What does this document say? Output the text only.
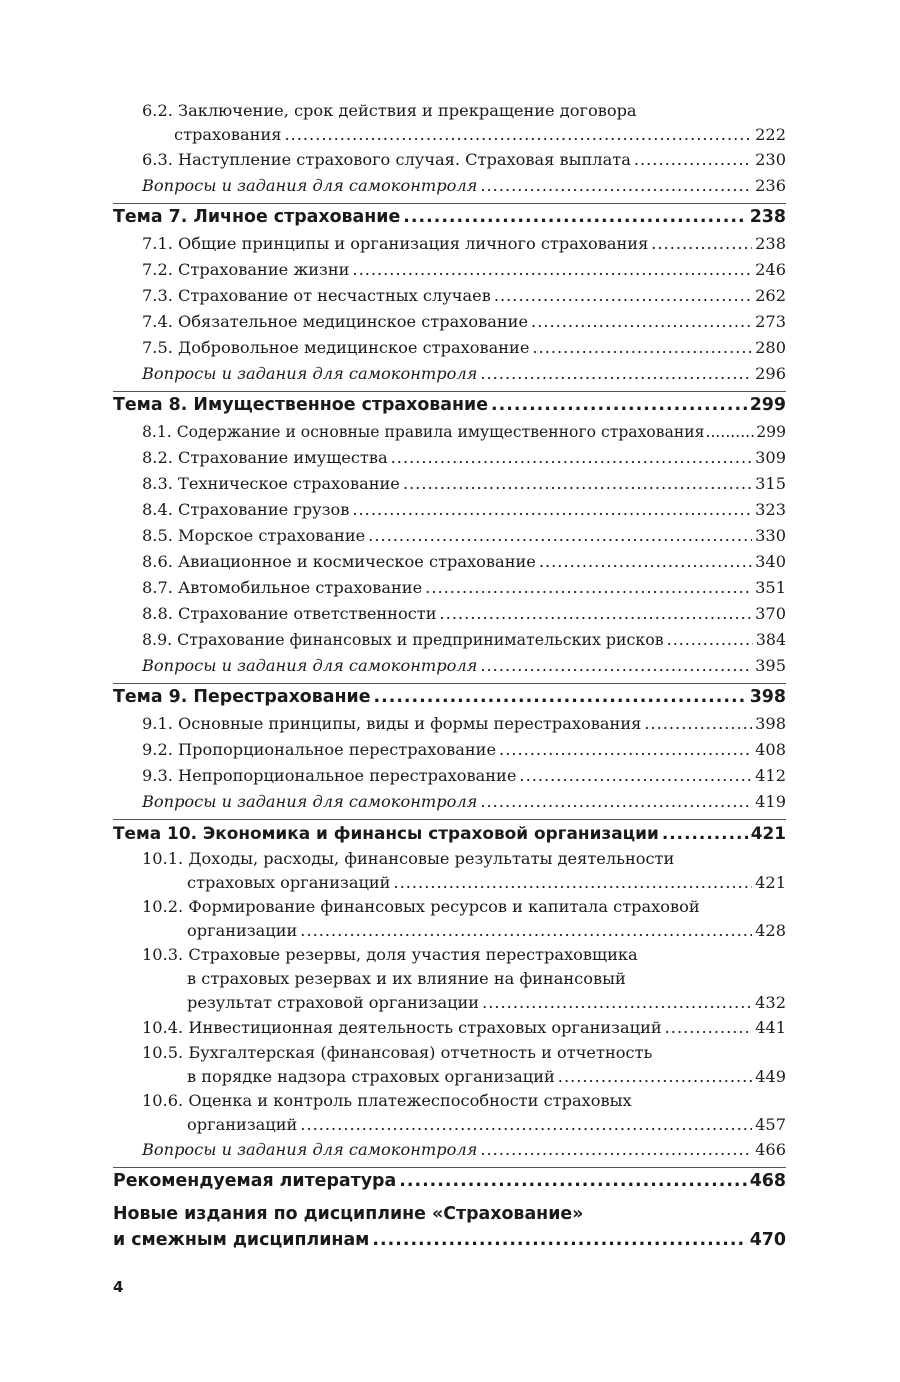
6.2. Заключение, срок действия и прекращение договора
страхования .....	222
6.3. Наступление страхового случая. Страховая выплата .....	230
Вопросы и задания для самоконтроля .....	236
Тема 7. Личное страхование .....	238
7.1. Общие принципы и организация личного страхования .....	238
7.2. Страхование жизни .....	246
7.3. Страхование от несчастных случаев .....	262
7.4. Обязательное медицинское страхование .....	273
7.5. Добровольное медицинское страхование .....	280
Вопросы и задания для самоконтроля .....	296
Тема 8. Имущественное страхование .....	299
8.1. Содержание и основные правила имущественного страхования .....	299
8.2. Страхование имущества .....	309
8.3. Техническое страхование .....	315
8.4. Страхование грузов .....	323
8.5. Морское страхование .....	330
8.6. Авиационное и космическое страхование .....	340
8.7. Автомобильное страхование .....	351
8.8. Страхование ответственности .....	370
8.9. Страхование финансовых и предпринимательских рисков .....	384
Вопросы и задания для самоконтроля .....	395
Тема 9. Перестрахование .....	398
9.1. Основные принципы, виды и формы перестрахования .....	398
9.2. Пропорциональное перестрахование .....	408
9.3. Непропорциональное перестрахование .....	412
Вопросы и задания для самоконтроля .....	419
Тема 10. Экономика и финансы страховой организации .....	421
10.1. Доходы, расходы, финансовые результаты деятельности
страховых организаций .....	421
10.2. Формирование финансовых ресурсов и капитала страховой
организации .....	428
10.3. Страховые резервы, доля участия перестраховщика
в страховых резервах и их влияние на финансовый
результат страховой организации .....	432
10.4. Инвестиционная деятельность страховых организаций .....	441
10.5. Бухгалтерская (финансовая) отчетность и отчетность
в порядке надзора страховых организаций .....	449
10.6. Оценка и контроль платежеспособности страховых
организаций .....	457
Вопросы и задания для самоконтроля .....	466
Рекомендуемая литература .....	468
Новые издания по дисциплине «Страхование»
и смежным дисциплинам .....	470
4
